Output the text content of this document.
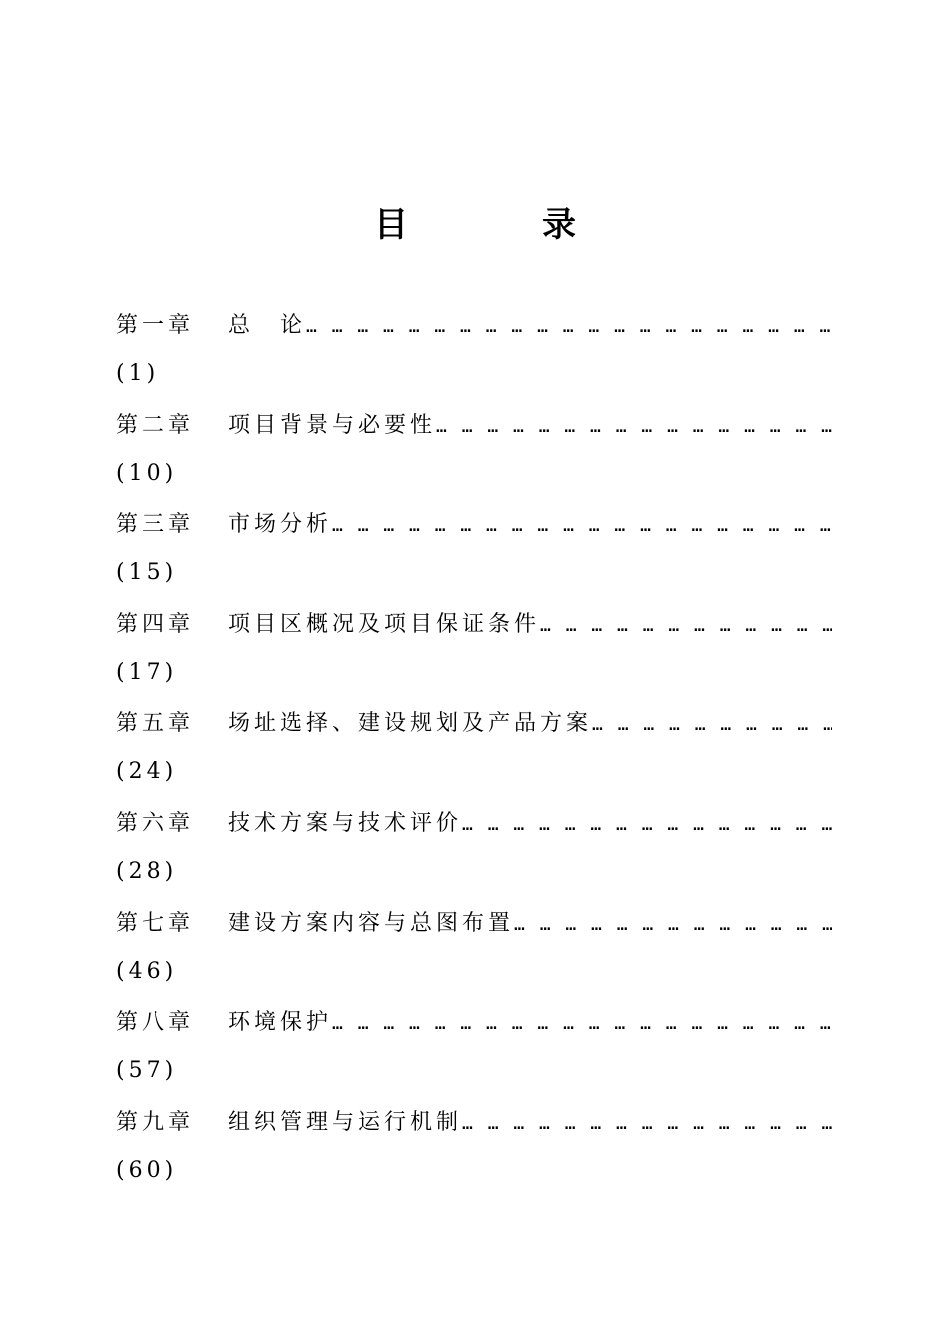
目　录
第一章	总　论
… … … … … … … … … … … … … … … … … … … … … … … … … … … … … … … … … … … … … … … … … … … … … … … … … … … … …
(1)
第二章	项目背景与必要性
… … … … … … … … … … … … … … … … … … … … … … … … … … … … … … … … … … … … … … … … … … … … … … … … … … … … …
(10)
第三章	市场分析
… … … … … … … … … … … … … … … … … … … … … … … … … … … … … … … … … … … … … … … … … … … … … … … … … … … … …
(15)
第四章	项目区概况及项目保证条件
… … … … … … … … … … … … … … … … … … … … … … … … … … … … … … … … … … … … … … … … … … … … … … … … … … … … …
(17)
第五章	场址选择、建设规划及产品方案
… … … … … … … … … … … … … … … … … … … … … … … … … … … … … … … … … … … … … … … … … … … … … … … … … … … … …
(24)
第六章	技术方案与技术评价
… … … … … … … … … … … … … … … … … … … … … … … … … … … … … … … … … … … … … … … … … … … … … … … … … … … … …
(28)
第七章	建设方案内容与总图布置
… … … … … … … … … … … … … … … … … … … … … … … … … … … … … … … … … … … … … … … … … … … … … … … … … … … … …
(46)
第八章	环境保护
… … … … … … … … … … … … … … … … … … … … … … … … … … … … … … … … … … … … … … … … … … … … … … … … … … … … …
(57)
第九章	组织管理与运行机制
… … … … … … … … … … … … … … … … … … … … … … … … … … … … … … … … … … … … … … … … … … … … … … … … … … … … …
(60)
